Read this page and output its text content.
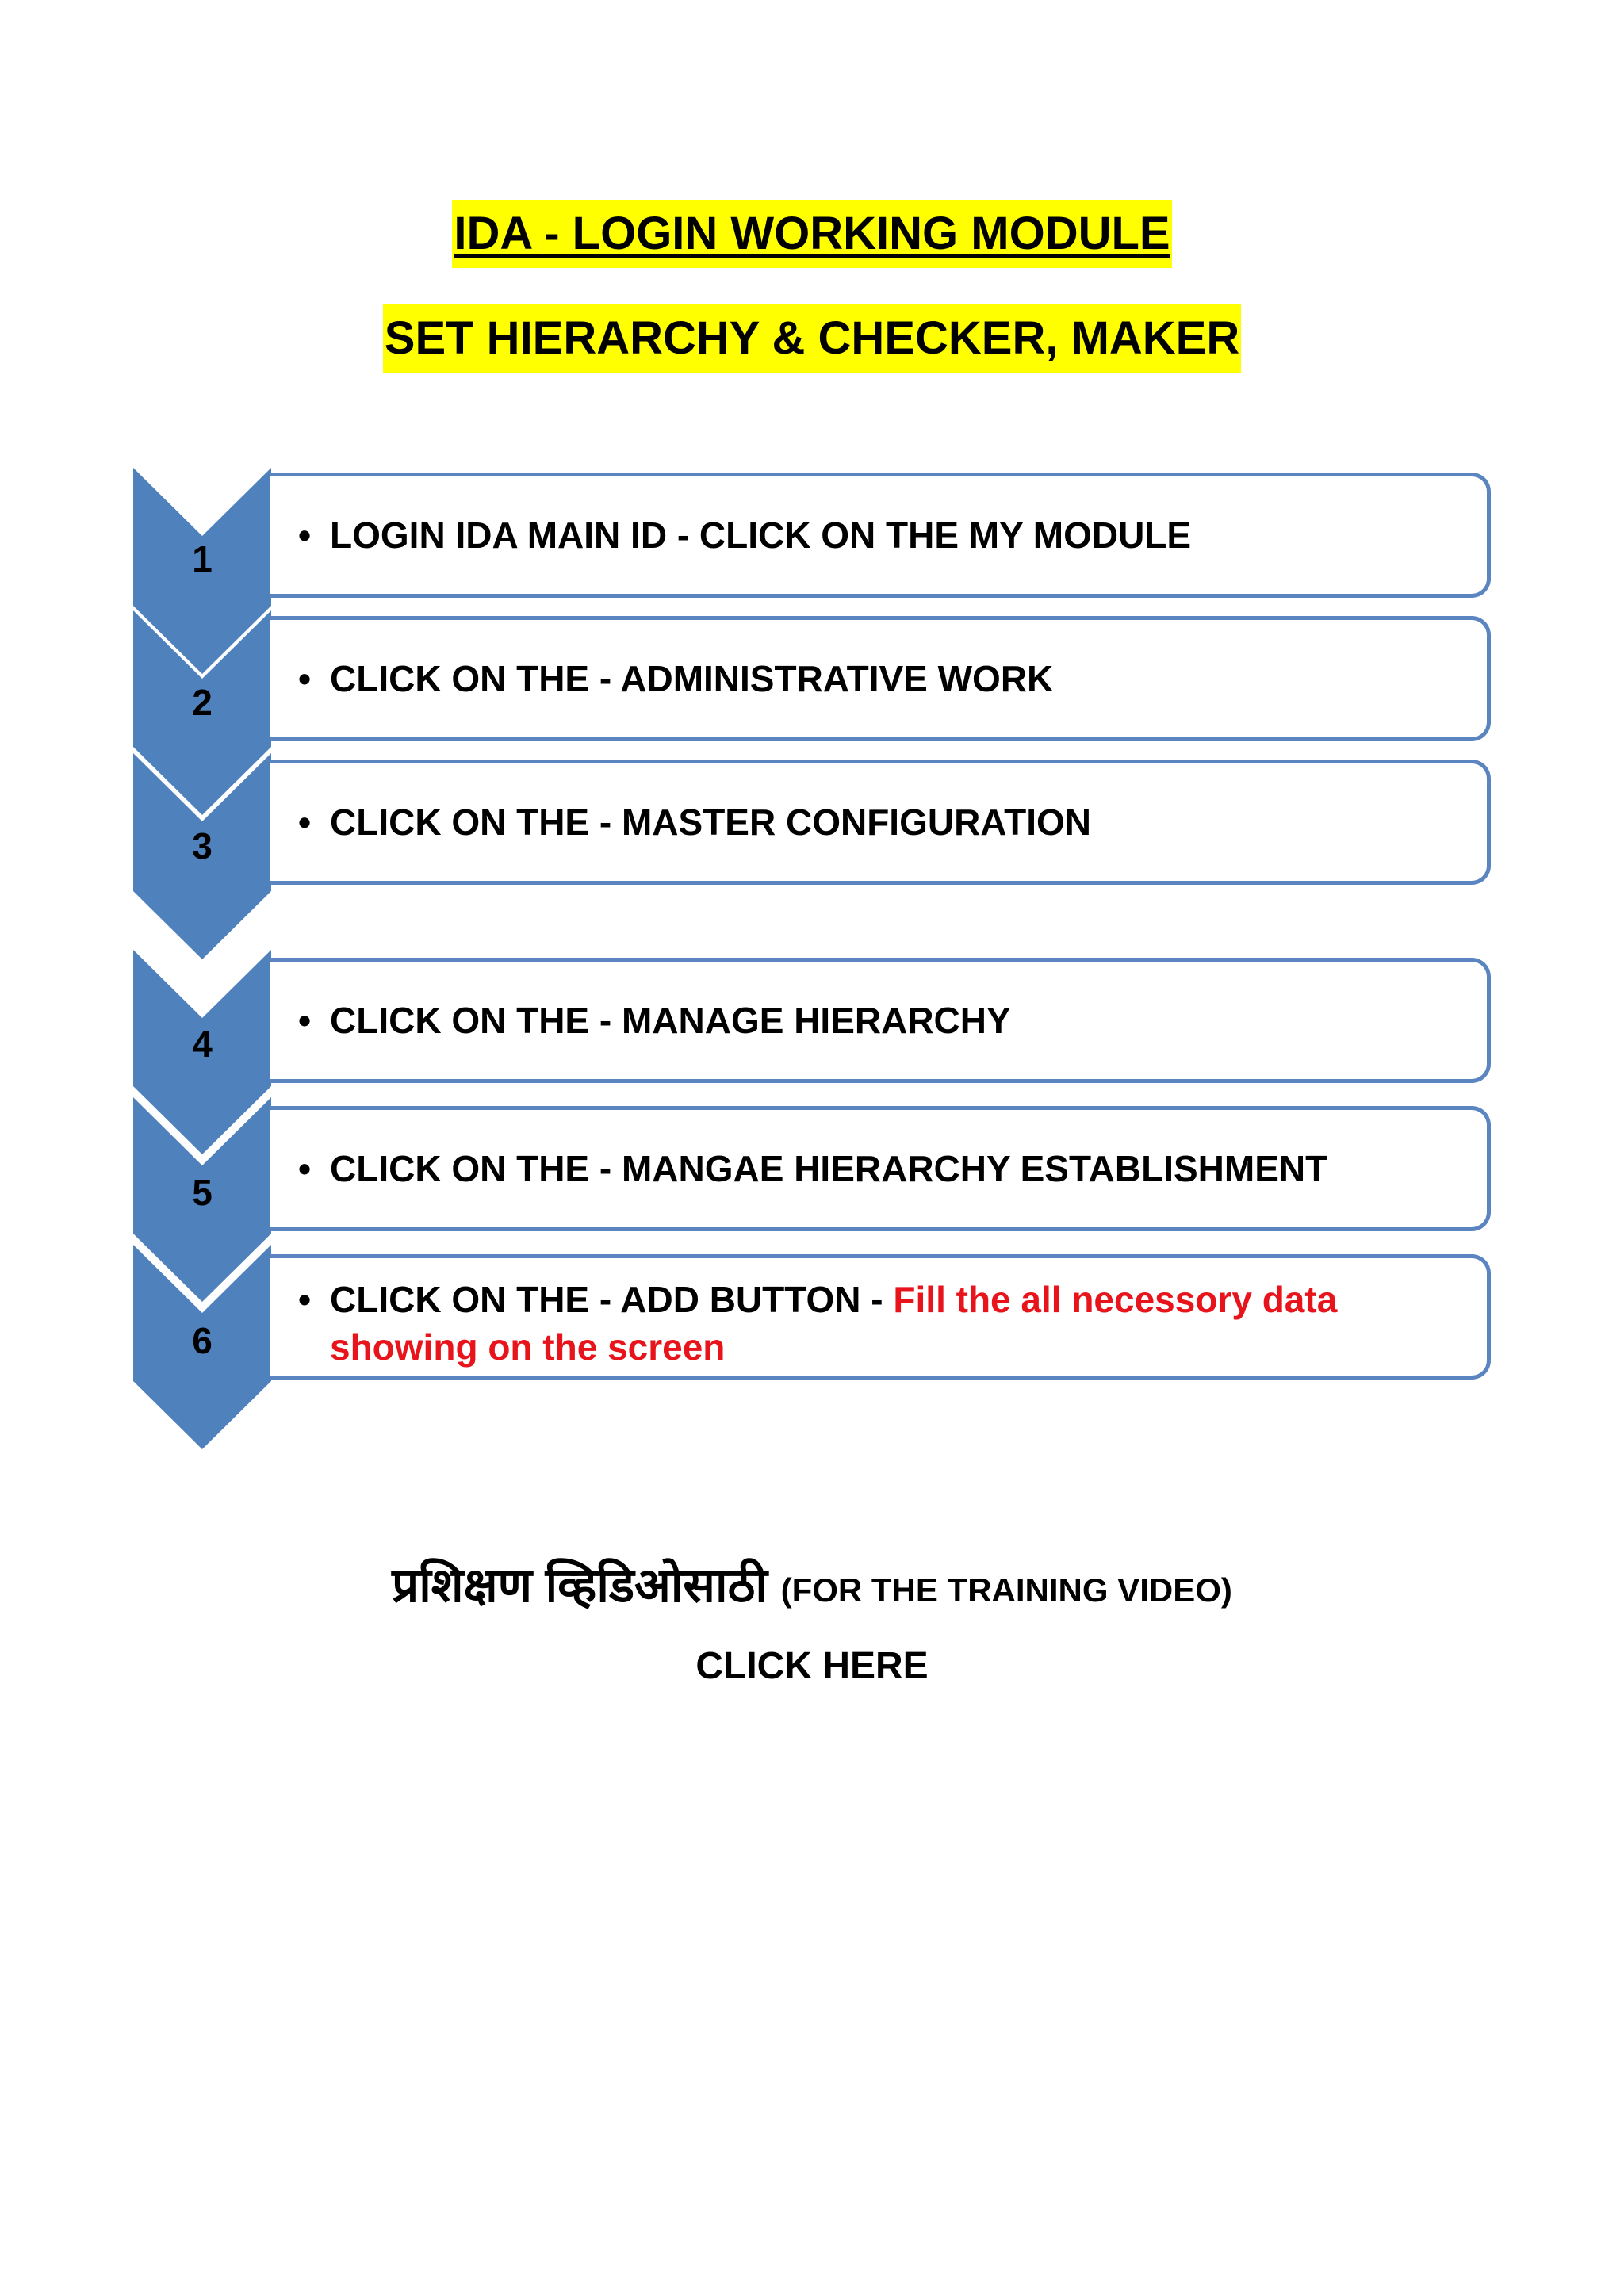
IDA - LOGIN WORKING MODULE
SET HIERARCHY & CHECKER, MAKER
1
• LOGIN IDA MAIN ID - CLICK ON THE MY MODULE
2
• CLICK ON THE - ADMINISTRATIVE WORK
3
• CLICK ON THE - MASTER CONFIGURATION
4
• CLICK ON THE - MANAGE HIERARCHY
5
• CLICK ON THE - MANGAE HIERARCHY ESTABLISHMENT
6
• CLICK ON THE - ADD BUTTON - Fill the all necessory data showing on the screen
प्रशिक्षण व्हिडिओसाठी (FOR THE TRAINING VIDEO)
CLICK HERE
